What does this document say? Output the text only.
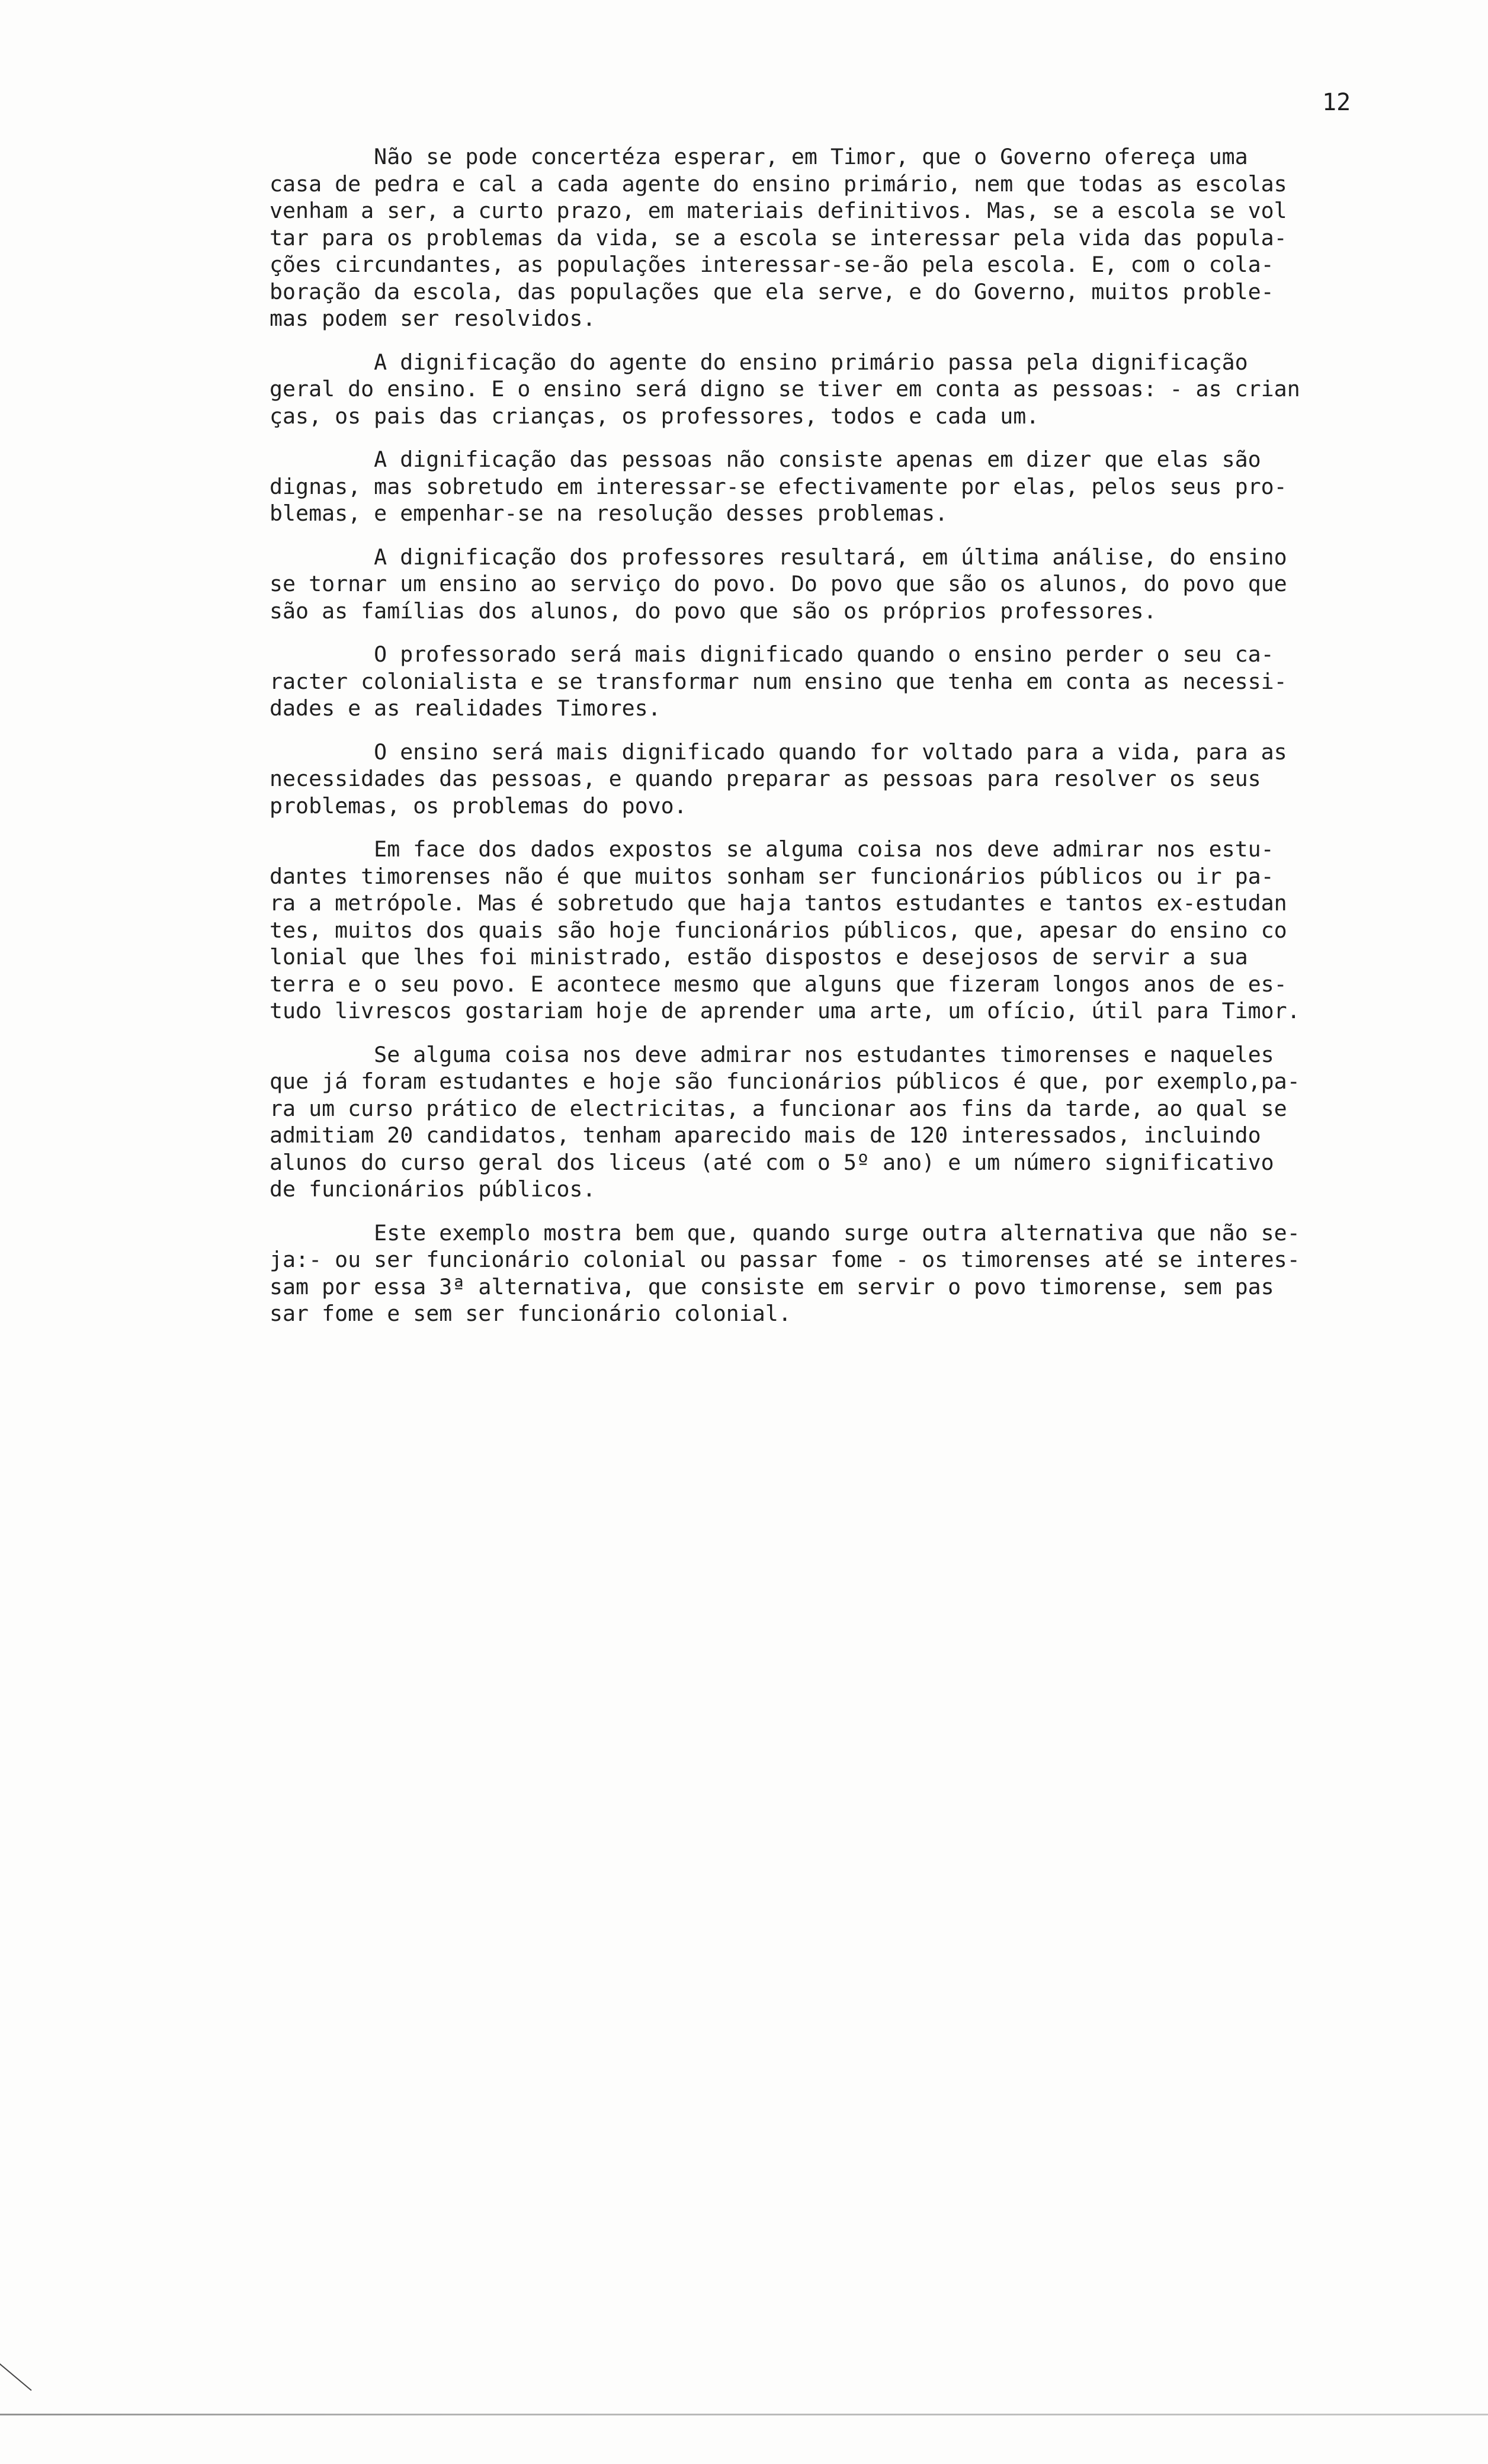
12

Não se pode concertéza esperar, em Timor, que o Governo ofereça uma
casa de pedra e cal a cada agente do ensino primário, nem que todas as escolas
venham a ser, a curto prazo, em materiais definitivos. Mas, se a escola se vol
tar para os problemas da vida, se a escola se interessar pela vida das popula-
ções circundantes, as populações interessar-se-ão pela escola. E, com o cola-
boração da escola, das populações que ela serve, e do Governo, muitos proble-
mas podem ser resolvidos.
A dignificação do agente do ensino primário passa pela dignificação
geral do ensino. E o ensino será digno se tiver em conta as pessoas: - as crian
ças, os pais das crianças, os professores, todos e cada um.
A dignificação das pessoas não consiste apenas em dizer que elas são
dignas, mas sobretudo em interessar-se efectivamente por elas, pelos seus pro-
blemas, e empenhar-se na resolução desses problemas.
A dignificação dos professores resultará, em última análise, do ensino
se tornar um ensino ao serviço do povo. Do povo que são os alunos, do povo que
são as famílias dos alunos, do povo que são os próprios professores.
O professorado será mais dignificado quando o ensino perder o seu ca-
racter colonialista e se transformar num ensino que tenha em conta as necessi-
dades e as realidades Timores.
O ensino será mais dignificado quando for voltado para a vida, para as
necessidades das pessoas, e quando preparar as pessoas para resolver os seus
problemas, os problemas do povo.
Em face dos dados expostos se alguma coisa nos deve admirar nos estu-
dantes timorenses não é que muitos sonham ser funcionários públicos ou ir pa-
ra a metrópole. Mas é sobretudo que haja tantos estudantes e tantos ex-estudan
tes, muitos dos quais são hoje funcionários públicos, que, apesar do ensino co
lonial que lhes foi ministrado, estão dispostos e desejosos de servir a sua
terra e o seu povo. E acontece mesmo que alguns que fizeram longos anos de es-
tudo livrescos gostariam hoje de aprender uma arte, um ofício, útil para Timor.
Se alguma coisa nos deve admirar nos estudantes timorenses e naqueles
que já foram estudantes e hoje são funcionários públicos é que, por exemplo,pa-
ra um curso prático de electricitas, a funcionar aos fins da tarde, ao qual se
admitiam 20 candidatos, tenham aparecido mais de 120 interessados, incluindo
alunos do curso geral dos liceus (até com o 5º ano) e um número significativo
de funcionários públicos.
Este exemplo mostra bem que, quando surge outra alternativa que não se-
ja:- ou ser funcionário colonial ou passar fome - os timorenses até se interes-
sam por essa 3ª alternativa, que consiste em servir o povo timorense, sem pas
sar fome e sem ser funcionário colonial.
